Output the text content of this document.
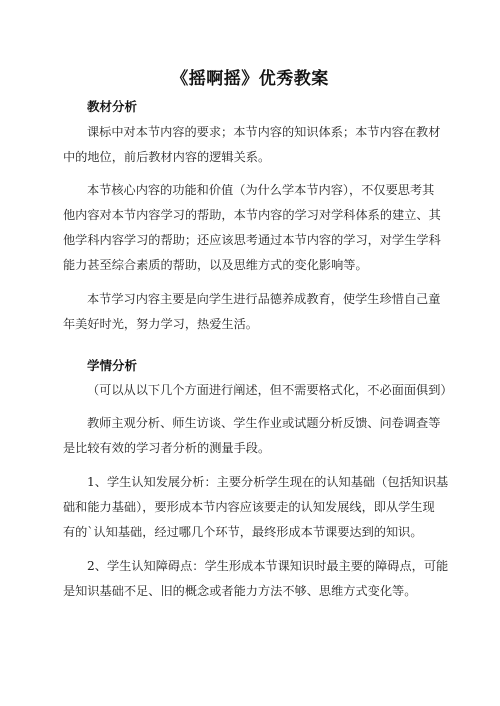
《摇啊摇》优秀教案
教材分析
课标中对本节内容的要求；本节内容的知识体系；本节内容在教材
中的地位，前后教材内容的逻辑关系。
本节核心内容的功能和价值（为什么学本节内容），不仅要思考其
他内容对本节内容学习的帮助，本节内容的学习对学科体系的建立、其
他学科内容学习的帮助；还应该思考通过本节内容的学习，对学生学科
能力甚至综合素质的帮助，以及思维方式的变化影响等。
本节学习内容主要是向学生进行品德养成教育，使学生珍惜自己童
年美好时光，努力学习，热爱生活。
学情分析
（可以从以下几个方面进行阐述，但不需要格式化，不必面面俱到）
教师主观分析、师生访谈、学生作业或试题分析反馈、问卷调查等
是比较有效的学习者分析的测量手段。
1、学生认知发展分析：主要分析学生现在的认知基础（包括知识基
础和能力基础），要形成本节内容应该要走的认知发展线，即从学生现
有的`认知基础，经过哪几个环节，最终形成本节课要达到的知识。
2、学生认知障碍点：学生形成本节课知识时最主要的障碍点，可能
是知识基础不足、旧的概念或者能力方法不够、思维方式变化等。
